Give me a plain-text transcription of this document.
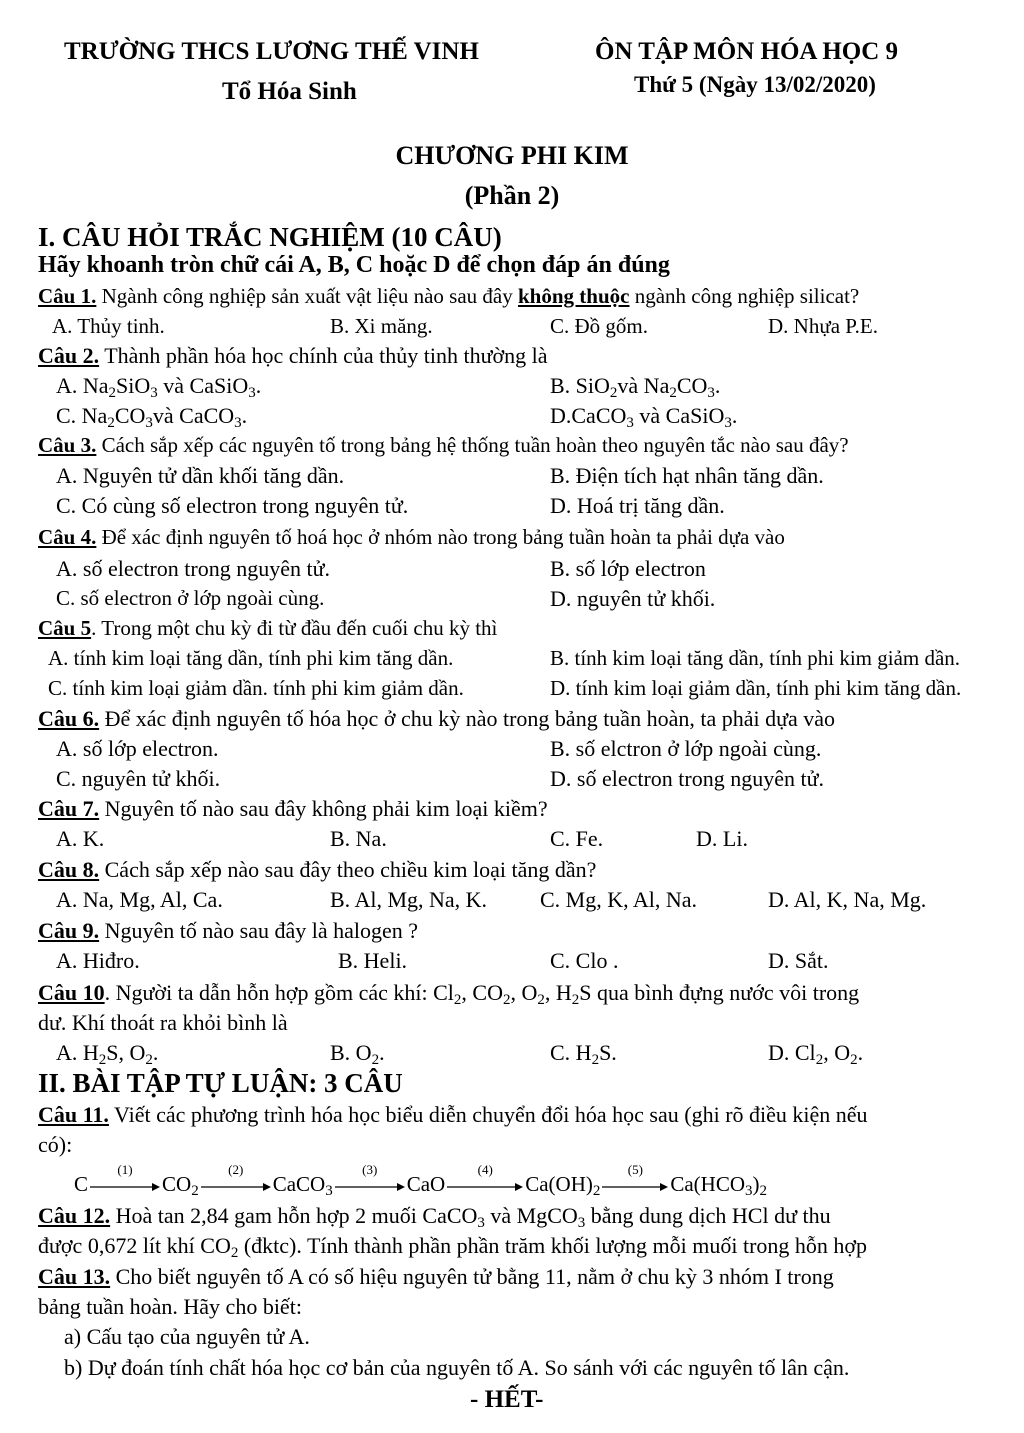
TRƯỜNG THCS LƯƠNG THẾ VINH
Tổ Hóa Sinh
ÔN TẬP MÔN HÓA HỌC 9
Thứ 5 (Ngày 13/02/2020)
CHƯƠNG PHI KIM
(Phần 2)
I. CÂU HỎI TRẮC NGHIỆM (10 CÂU)
Hãy khoanh tròn chữ cái A, B, C hoặc D để chọn đáp án đúng
Câu 1. Ngành công nghiệp sản xuất vật liệu nào sau đây không thuộc ngành công nghiệp silicat?
A. Thủy tinh.	B. Xi măng.	C. Đồ gốm.	D. Nhựa P.E.
Câu 2. Thành phần hóa học chính của thủy tinh thường là
A. $Na_2SiO_3$ và CaSiO$_3$.	B. SiO$_2$và $Na_2CO_3$.
C. $Na_2CO_3và$ CaCO$_3$.	D.CaCO$_3$ và CaSiO$_3$.
Câu 3. Cách sắp xếp các nguyên tố trong bảng hệ thống tuần hoàn theo nguyên tắc nào sau đây?
A. Nguyên tử dần khối tăng dần.	B. Điện tích hạt nhân tăng dần.
C. Có cùng số electron trong nguyên tử.	D. Hoá trị tăng dần.
Câu 4. Để xác định nguyên tố hoá học ở nhóm nào trong bảng tuần hoàn ta phải dựa vào
A. số electron trong nguyên tử.	B. số lớp electron
C. số electron ở lớp ngoài cùng.	D. nguyên tử khối.
Câu 5. Trong một chu kỳ đi từ đầu đến cuối chu kỳ thì
A. tính kim loại tăng dần, tính phi kim tăng dần.	B. tính kim loại tăng dần, tính phi kim giảm dần.
C. tính kim loại giảm dần. tính phi kim giảm dần.	D. tính kim loại giảm dần, tính phi kim tăng dần.
Câu 6. Để xác định nguyên tố hóa học ở chu kỳ nào trong bảng tuần hoàn, ta phải dựa vào
A. số lớp electron.	B. số elctron ở lớp ngoài cùng.
C. nguyên tử khối.	D. số electron trong nguyên tử.
Câu 7. Nguyên tố nào sau đây không phải kim loại kiềm?
A. K.	B. Na.	C. Fe.	D. Li.
Câu 8. Cách sắp xếp nào sau đây theo chiều kim loại tăng dần?
A. Na, Mg, Al, Ca.	B. Al, Mg, Na, K. C. Mg, K, Al, Na.	D. Al, K, Na, Mg.
Câu 9. Nguyên tố nào sau đây là halogen ?
A. Hiđro.	B. Heli.	C. Clo .	D. Sắt.
Câu 10. Người ta dẫn hỗn hợp gồm các khí: $Cl_2$, $CO_2$, $O_2$, $H_2S$ qua bình đựng nước vôi trong
dư. Khí thoát ra khỏi bình là
A. $H_2S$, $O_2$.	B. $O_2$.	C. $H_2S$.	D. $Cl_2$, $O_2$.
II. BÀI TẬP TỰ LUẬN: 3 CÂU
Câu 11. Viết các phương trình hóa học biểu diễn chuyển đổi hóa học sau (ghi rõ điều kiện nếu
có):
C
(1)
$CO_2$
(2)
CaCO$_3$
(3)
CaO
(4)
$Ca(OH)_2$
(5)
$Ca(HCO_3)_2$
Câu 12. Hoà tan 2,84 gam hỗn hợp 2 muối CaCO$_3$ và MgCO$_3$ bằng dung dịch HCl dư thu
được 0,672 lít khí $CO_2$ (đktc). Tính thành phần phần trăm khối lượng mỗi muối trong hỗn hợp
Câu 13. Cho biết nguyên tố A có số hiệu nguyên tử bằng 11, nằm ở chu kỳ 3 nhóm I trong
bảng tuần hoàn. Hãy cho biết:
a) Cấu tạo của nguyên tử A.
b) Dự đoán tính chất hóa học cơ bản của nguyên tố A. So sánh với các nguyên tố lân cận.
- HẾT-
